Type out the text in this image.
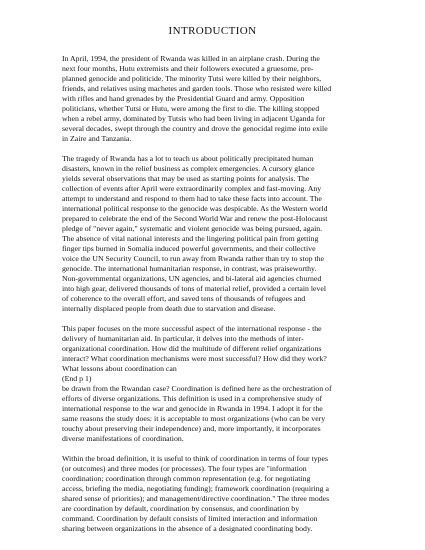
INTRODUCTION
In April, 1994, the president of Rwanda was killed in an airplane crash. During the
next four months, Hutu extremists and their followers executed a gruesome, pre-
planned genocide and politicide. The minority Tutsi were killed by their neighbors,
friends, and relatives using machetes and garden tools. Those who resisted were killed
with rifles and hand grenades by the Presidential Guard and army. Opposition
politicians, whether Tutsi or Hutu, were among the first to die. The killing stopped
when a rebel army, dominated by Tutsis who had been living in adjacent Uganda for
several decades, swept through the country and drove the genocidal regime into exile
in Zaire and Tanzania.
The tragedy of Rwanda has a lot to teach us about politically precipitated human
disasters, known in the relief business as complex emergencies. A cursory glance
yields several observations that may be used as starting points for analysis. The
collection of events after April were extraordinarily complex and fast-moving. Any
attempt to understand and respond to them had to take these facts into account. The
international political response to the genocide was despicable. As the Western world
prepared to celebrate the end of the Second World War and renew the post-Holocaust
pledge of "never again," systematic and violent genocide was being pursued, again.
The absence of vital national interests and the lingering political pain from getting
finger tips burned in Somalia induced powerful governments, and their collective
voice the UN Security Council, to run away from Rwanda rather than try to stop the
genocide. The international humanitarian response, in contrast, was praiseworthy.
Non-governmental organizations, UN agencies, and bi-lateral aid agencies churned
into high gear, delivered thousands of tons of material relief, provided a certain level
of coherence to the overall effort, and saved tens of thousands of refugees and
internally displaced people from death due to starvation and disease.
This paper focuses on the more successful aspect of the international response - the
delivery of humanitarian aid. In particular, it delves into the methods of inter-
organizational coordination. How did the multitude of different relief organizations
interact? What coordination mechanisms were most successful? How did they work?
What lessons about coordination can
(End p 1)
be drawn from the Rwandan case? Coordination is defined here as the orchestration of
efforts of diverse organizations. This definition is used in a comprehensive study of
international response to the war and genocide in Rwanda in 1994. I adopt it for the
same reasons the study does: it is acceptable to most organizations (who can be very
touchy about preserving their independence) and, more importantly, it incorporates
diverse manifestations of coordination.
Within the broad definition, it is useful to think of coordination in terms of four types
(or outcomes) and three modes (or processes). The four types are "information
coordination; coordination through common representation (e.g. for negotiating
access, briefing the media, negotiating funding); framework coordination (requiring a
shared sense of priorities); and management/directive coordination." The three modes
are coordination by default, coordination by consensus, and coordination by
command. Coordination by default consists of limited interaction and information
sharing between organizations in the absence of a designated coordinating body.
